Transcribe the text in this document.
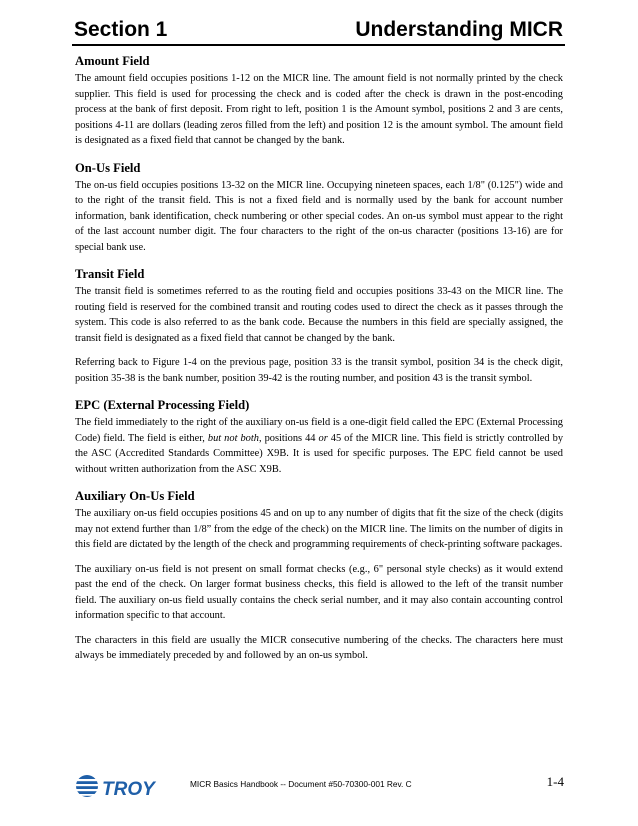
Section 1	Understanding MICR
Amount Field

The amount field occupies positions 1-12 on the MICR line. The amount field is not normally printed by the check supplier. This field is used for processing the check and is coded after the check is drawn in the post-encoding process at the bank of first deposit. From right to left, position 1 is the Amount symbol, positions 2 and 3 are cents, positions 4-11 are dollars (leading zeros filled from the left) and position 12 is the amount symbol. The amount field is designated as a fixed field that cannot be changed by the bank.

On-Us Field

The on-us field occupies positions 13-32 on the MICR line. Occupying nineteen spaces, each 1/8" (0.125") wide and to the right of the transit field. This is not a fixed field and is normally used by the bank for account number information, bank identification, check numbering or other special codes. An on-us symbol must appear to the right of the last account number digit. The four characters to the right of the on-us character (positions 13-16) are for special bank use.

Transit Field

The transit field is sometimes referred to as the routing field and occupies positions 33-43 on the MICR line. The routing field is reserved for the combined transit and routing codes used to direct the check as it passes through the system. This code is also referred to as the bank code. Because the numbers in this field are specially assigned, the transit field is designated as a fixed field that cannot be changed by the bank.

Referring back to Figure 1-4 on the previous page, position 33 is the transit symbol, position 34 is the check digit, position 35-38 is the bank number, position 39-42 is the routing number, and position 43 is the transit symbol.

EPC (External Processing Field)

The field immediately to the right of the auxiliary on-us field is a one-digit field called the EPC (External Processing Code) field. The field is either, but not both, positions 44 or 45 of the MICR line. This field is strictly controlled by the ASC (Accredited Standards Committee) X9B. It is used for specific purposes. The EPC field cannot be used without written authorization from the ASC X9B.

Auxiliary On-Us Field

The auxiliary on-us field occupies positions 45 and on up to any number of digits that fit the size of the check (digits may not extend further than 1/8” from the edge of the check) on the MICR line. The limits on the number of digits in this field are dictated by the length of the check and programming requirements of check-printing software packages.

The auxiliary on-us field is not present on small format checks (e.g., 6" personal style checks) as it would extend past the end of the check. On larger format business checks, this field is allowed to the left of the transit number field. The auxiliary on-us field usually contains the check serial number, and it may also contain accounting control information specific to that account.

The characters in this field are usually the MICR consecutive numbering of the checks. The characters here must always be immediately preceded by and followed by an on-us symbol.

TROY	MICR Basics Handbook -- Document #50-70300-001 Rev. C	1-4
